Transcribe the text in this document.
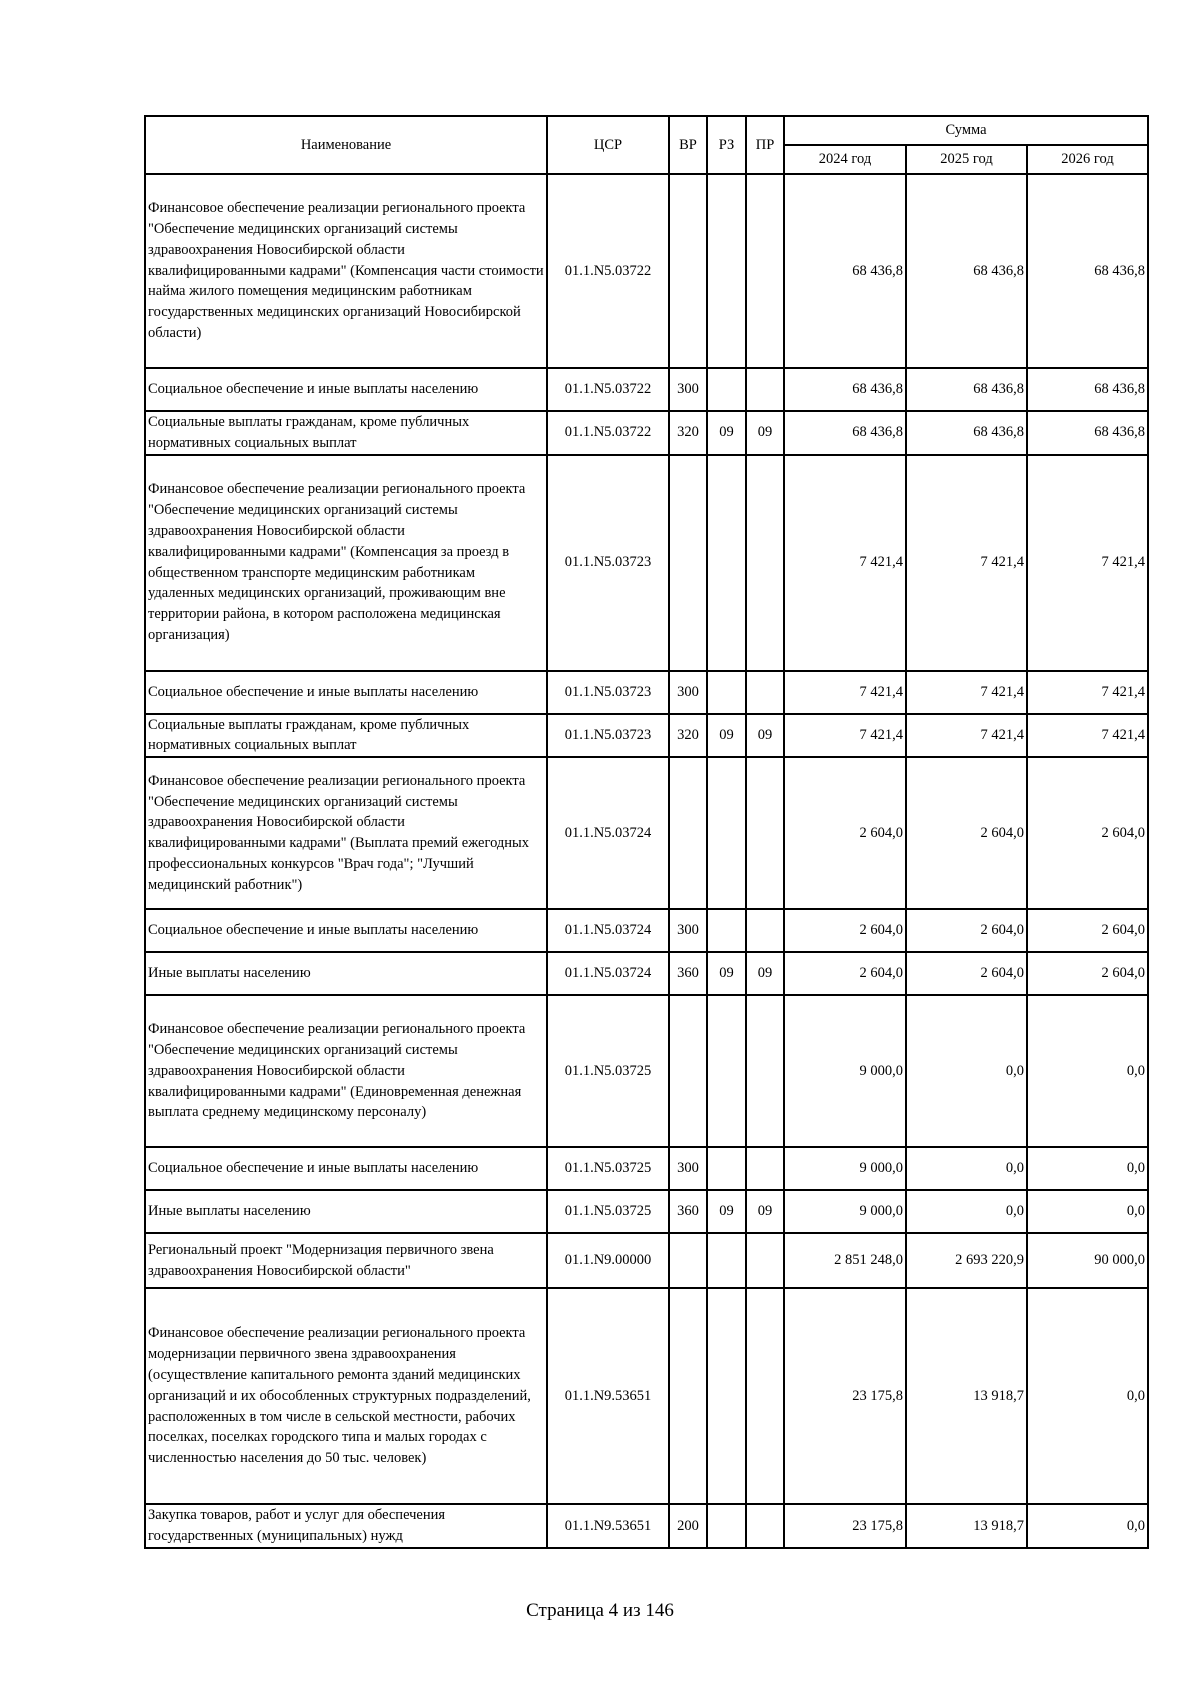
Наименование	ЦСР	ВР	РЗ	ПР	Сумма		
					2024 год	2025 год	2026 год
Финансовое обеспечение реализации регионального проекта "Обеспечение медицинских организаций системы здравоохранения Новосибирской области квалифицированными кадрами" (Компенсация части стоимости найма жилого помещения медицинским работникам государственных медицинских организаций Новосибирской области)	01.1.N5.03722				68 436,8	68 436,8	68 436,8
Социальное обеспечение и иные выплаты населению	01.1.N5.03722	300			68 436,8	68 436,8	68 436,8
Социальные выплаты гражданам, кроме публичных нормативных социальных выплат	01.1.N5.03722	320	09	09	68 436,8	68 436,8	68 436,8
Финансовое обеспечение реализации регионального проекта "Обеспечение медицинских организаций системы здравоохранения Новосибирской области квалифицированными кадрами" (Компенсация за проезд в общественном транспорте медицинским работникам удаленных медицинских организаций, проживающим вне территории района, в котором расположена медицинская организация)	01.1.N5.03723				7 421,4	7 421,4	7 421,4
Социальное обеспечение и иные выплаты населению	01.1.N5.03723	300			7 421,4	7 421,4	7 421,4
Социальные выплаты гражданам, кроме публичных нормативных социальных выплат	01.1.N5.03723	320	09	09	7 421,4	7 421,4	7 421,4
Финансовое обеспечение реализации регионального проекта "Обеспечение медицинских организаций системы здравоохранения Новосибирской области квалифицированными кадрами" (Выплата премий ежегодных профессиональных конкурсов "Врач года"; "Лучший медицинский работник")	01.1.N5.03724				2 604,0	2 604,0	2 604,0
Социальное обеспечение и иные выплаты населению	01.1.N5.03724	300			2 604,0	2 604,0	2 604,0
Иные выплаты населению	01.1.N5.03724	360	09	09	2 604,0	2 604,0	2 604,0
Финансовое обеспечение реализации регионального проекта "Обеспечение медицинских организаций системы здравоохранения Новосибирской области квалифицированными кадрами" (Единовременная денежная выплата среднему медицинскому персоналу)	01.1.N5.03725				9 000,0	0,0	0,0
Социальное обеспечение и иные выплаты населению	01.1.N5.03725	300			9 000,0	0,0	0,0
Иные выплаты населению	01.1.N5.03725	360	09	09	9 000,0	0,0	0,0
Региональный проект "Модернизация первичного звена здравоохранения Новосибирской области"	01.1.N9.00000				2 851 248,0	2 693 220,9	90 000,0
Финансовое обеспечение реализации регионального проекта модернизации первичного звена здравоохранения (осуществление капитального ремонта зданий медицинских организаций и их обособленных структурных подразделений, расположенных в том числе в сельской местности, рабочих поселках, поселках городского типа и малых городах с численностью населения до 50 тыс. человек)	01.1.N9.53651				23 175,8	13 918,7	0,0
Закупка товаров, работ и услуг для обеспечения государственных (муниципальных) нужд	01.1.N9.53651	200			23 175,8	13 918,7	0,0
Страница 4 из 146
